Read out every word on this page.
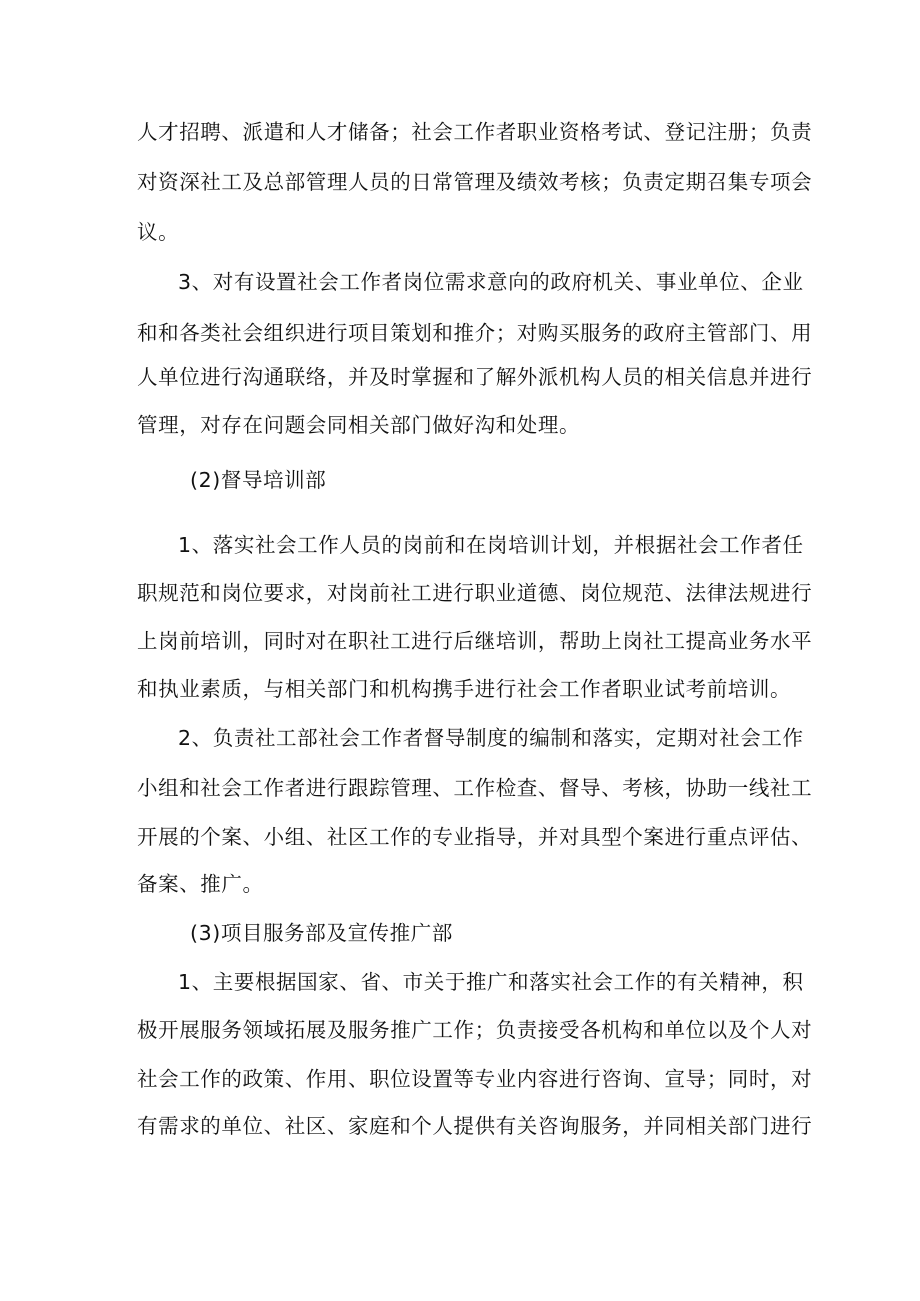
人才招聘、派遣和人才储备；社会工作者职业资格考试、登记注册；负责
对资深社工及总部管理人员的日常管理及绩效考核；负责定期召集专项会
议。
3、对有设置社会工作者岗位需求意向的政府机关、事业单位、企业
和和各类社会组织进行项目策划和推介；对购买服务的政府主管部门、用
人单位进行沟通联络，并及时掌握和了解外派机构人员的相关信息并进行
管理，对存在问题会同相关部门做好沟和处理。
(2)督导培训部
1、落实社会工作人员的岗前和在岗培训计划，并根据社会工作者任
职规范和岗位要求，对岗前社工进行职业道德、岗位规范、法律法规进行
上岗前培训，同时对在职社工进行后继培训，帮助上岗社工提高业务水平
和执业素质，与相关部门和机构携手进行社会工作者职业试考前培训。
2、负责社工部社会工作者督导制度的编制和落实，定期对社会工作
小组和社会工作者进行跟踪管理、工作检查、督导、考核，协助一线社工
开展的个案、小组、社区工作的专业指导，并对具型个案进行重点评估、
备案、推广。
(3)项目服务部及宣传推广部
1、主要根据国家、省、市关于推广和落实社会工作的有关精神，积
极开展服务领域拓展及服务推广工作；负责接受各机构和单位以及个人对
社会工作的政策、作用、职位设置等专业内容进行咨询、宣导；同时，对
有需求的单位、社区、家庭和个人提供有关咨询服务，并同相关部门进行
